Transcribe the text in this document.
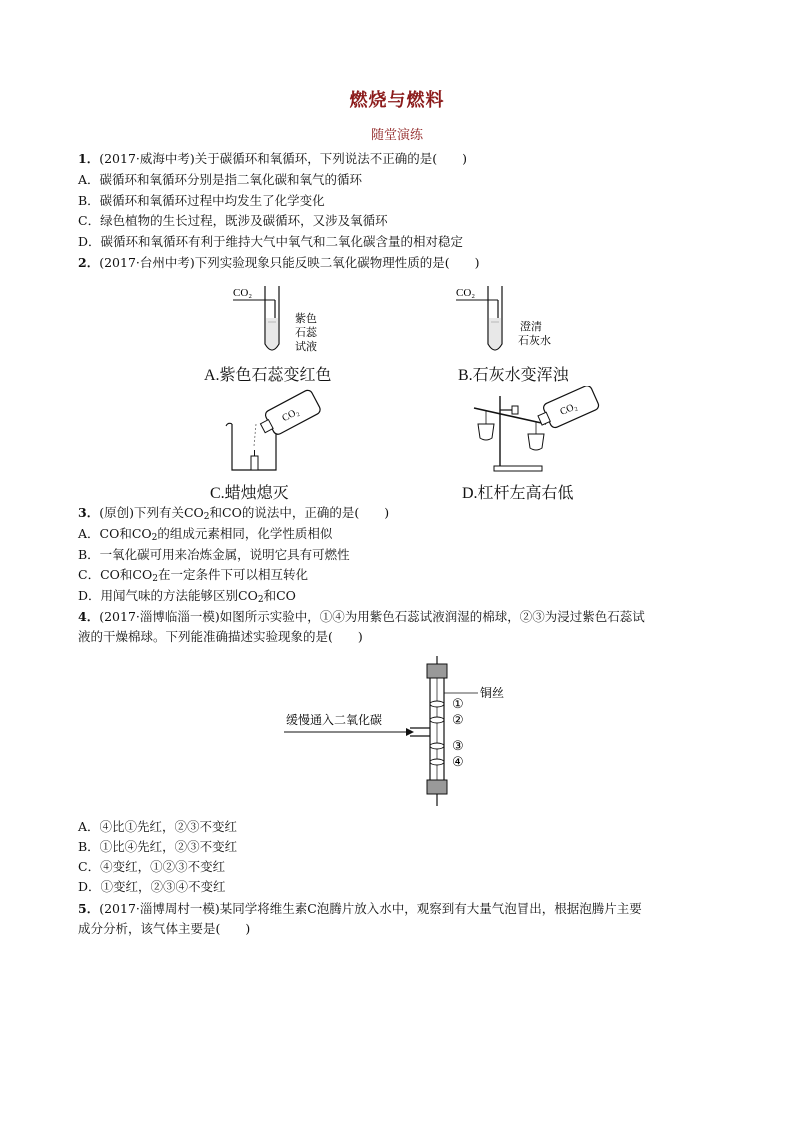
燃烧与燃料
随堂演练
1．(2017·威海中考)关于碳循环和氧循环，下列说法不正确的是(　　)
A．碳循环和氧循环分别是指二氧化碳和氧气的循环
B．碳循环和氧循环过程中均发生了化学变化
C．绿色植物的生长过程，既涉及碳循环，又涉及氧循环
D．碳循环和氧循环有利于维持大气中氧气和二氧化碳含量的相对稳定
2．(2017·台州中考)下列实验现象只能反映二氧化碳物理性质的是(　　)
CO₂
紫色
石蕊
试液
A.紫色石蕊变红色
CO₂
澄清
石灰水
B.石灰水变浑浊
CO₂
C.蜡烛熄灭
CO₂
D.杠杆左高右低
3．(原创)下列有关$CO_2$和CO的说法中，正确的是(　　)
A．CO和$CO_2$的组成元素相同，化学性质相似
B．一氧化碳可用来冶炼金属，说明它具有可燃性
C．CO和$CO_2$在一定条件下可以相互转化
D．用闻气味的方法能够区别$CO_2$和CO
4．(2017·淄博临淄一模)如图所示实验中，①④为用紫色石蕊试液润湿的棉球，②③为浸过紫色石蕊试
液的干燥棉球。下列能准确描述实验现象的是(　　)
缓慢通入二氧化碳
铜丝
①
②
③
④
A．④比①先红，②③不变红
B．①比④先红，②③不变红
C．④变红，①②③不变红
D．①变红，②③④不变红
5．(2017·淄博周村一模)某同学将维生素C泡腾片放入水中，观察到有大量气泡冒出，根据泡腾片主要
成分分析，该气体主要是(　　)
